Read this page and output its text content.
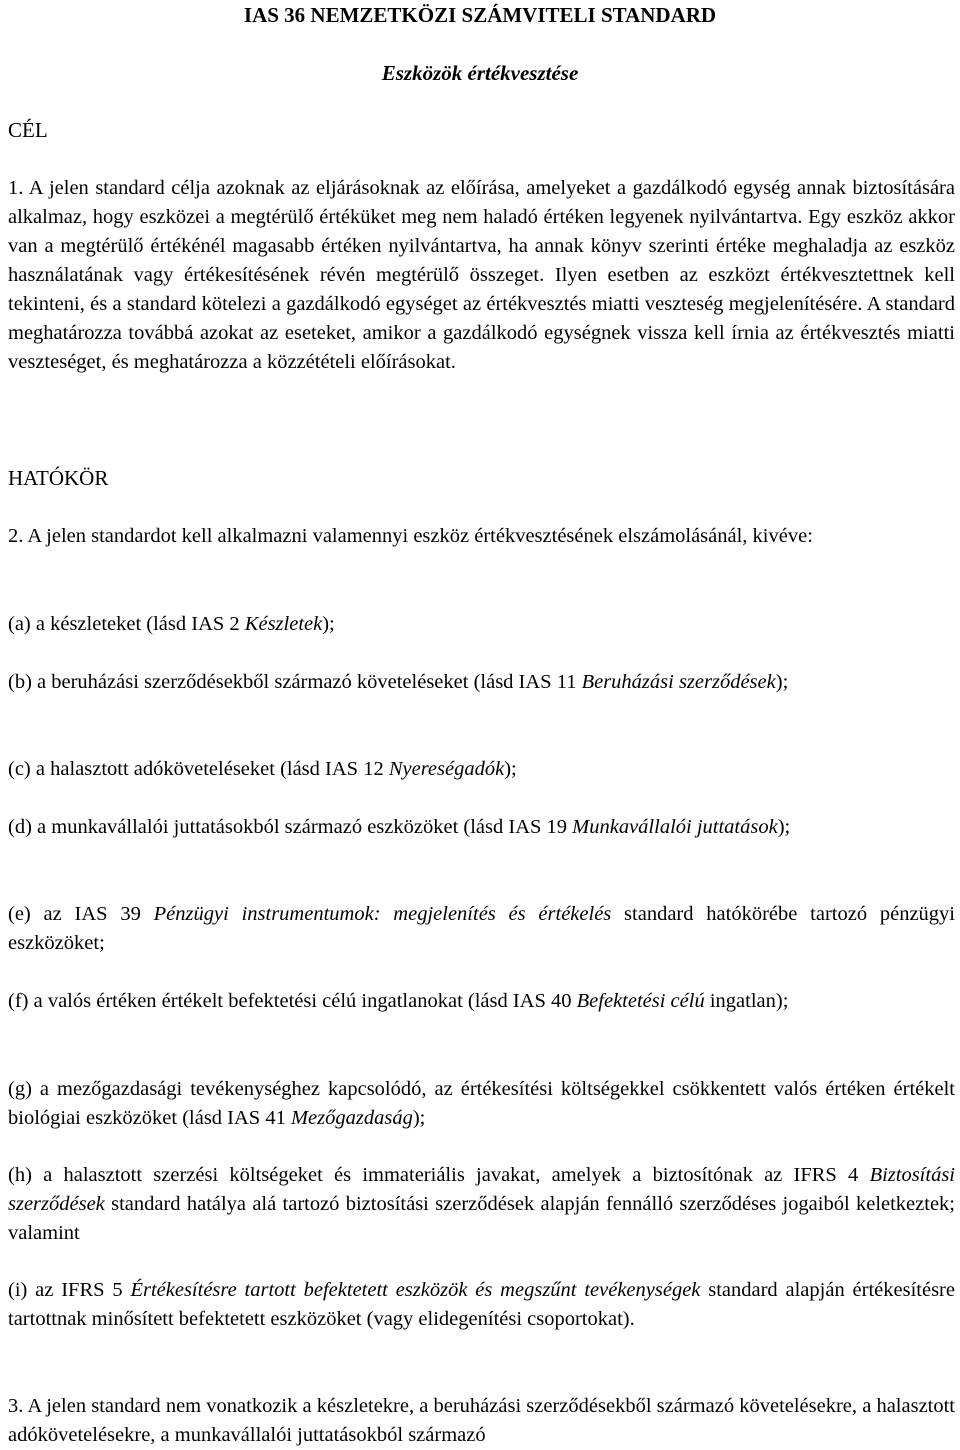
IAS 36 NEMZETKÖZI SZÁMVITELI STANDARD
Eszközök értékvesztése
CÉL

1. A jelen standard célja azoknak az eljárásoknak az előírása, amelyeket a gazdálkodó egység annak biztosítására alkalmaz, hogy eszközei a megtérülő értéküket meg nem haladó értéken legyenek nyilvántartva. Egy eszköz akkor van a megtérülő értékénél magasabb értéken nyilvántartva, ha annak könyv szerinti értéke meghaladja az eszköz használatának vagy értékesítésének révén megtérülő összeget. Ilyen esetben az eszközt értékvesztettnek kell tekinteni, és a standard kötelezi a gazdálkodó egységet az értékvesztés miatti veszteség megjelenítésére. A standard meghatározza továbbá azokat az eseteket, amikor a gazdálkodó egységnek vissza kell írnia az értékvesztés miatti veszteséget, és meghatározza a közzétételi előírásokat.

HATÓKÖR

2. A jelen standardot kell alkalmazni valamennyi eszköz értékvesztésének elszámolásánál, kivéve:

(a) a készleteket (lásd IAS 2 Készletek);

(b) a beruházási szerződésekből származó követeléseket (lásd IAS 11 Beruházási szerződések);

(c) a halasztott adóköveteléseket (lásd IAS 12 Nyereségadók);

(d) a munkavállalói juttatásokból származó eszközöket (lásd IAS 19 Munkavállalói juttatások);

(e) az IAS 39 Pénzügyi instrumentumok: megjelenítés és értékelés standard hatókörébe tartozó pénzügyi eszközöket;

(f) a valós értéken értékelt befektetési célú ingatlanokat (lásd IAS 40 Befektetési célú ingatlan);

(g) a mezőgazdasági tevékenységhez kapcsolódó, az értékesítési költségekkel csökkentett valós értéken értékelt biológiai eszközöket (lásd IAS 41 Mezőgazdaság);

(h) a halasztott szerzési költségeket és immateriális javakat, amelyek a biztosítónak az IFRS 4 Biztosítási szerződések standard hatálya alá tartozó biztosítási szerződések alapján fennálló szerződéses jogaiból keletkeztek; valamint

(i) az IFRS 5 Értékesítésre tartott befektetett eszközök és megszűnt tevékenységek standard alapján értékesítésre tartottnak minősített befektetett eszközöket (vagy elidegenítési csoportokat).

3. A jelen standard nem vonatkozik a készletekre, a beruházási szerződésekből származó követelésekre, a halasztott adókövetelésekre, a munkavállalói juttatásokból származó
